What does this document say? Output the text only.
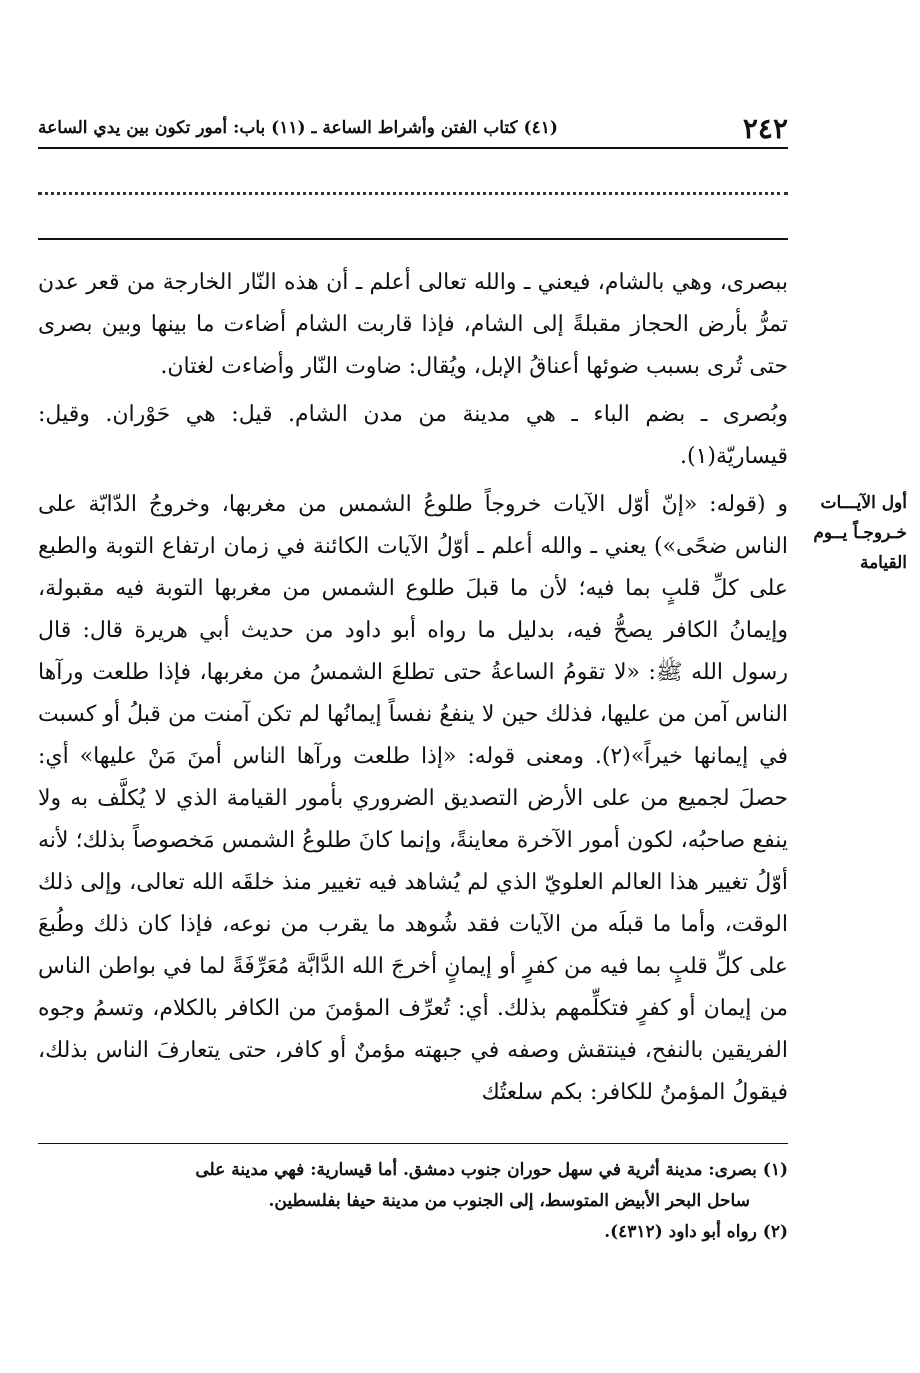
٢٤٢
(٤١) كتاب الفتن وأشراط الساعة ـ (١١) باب: أمور تكون بين يدي الساعة

ببصرى، وهي بالشام، فيعني ـ والله تعالى أعلم ـ أن هذه النّار الخارجة من قعر عدن تمرُّ بأرض الحجاز مقبلةً إلى الشام، فإذا قاربت الشام أضاءت ما بينها وبين بصرى حتى تُرى بسبب ضوئها أعناقُ الإبل، ويُقال: ضاوت النّار وأضاءت لغتان.

وبُصرى ـ بضم الباء ـ هي مدينة من مدن الشام. قيل: هي حَوْران. وقيل: قيساريّة(١).

و (قوله: «إنّ أوّل الآيات خروجاً طلوعُ الشمس من مغربها، وخروجُ الدّابّة على الناس ضحًى») يعني ـ والله أعلم ـ أوّلُ الآيات الكائنة في زمان ارتفاع التوبة والطبع على كلِّ قلبٍ بما فيه؛ لأن ما قبلَ طلوع الشمس من مغربها التوبة فيه مقبولة، وإيمانُ الكافر يصحُّ فيه، بدليل ما رواه أبو داود من حديث أبي هريرة قال: قال رسول الله ﷺ: «لا تقومُ الساعةُ حتى تطلعَ الشمسُ من مغربها، فإذا طلعت ورآها الناس آمن من عليها، فذلك حين لا ينفعُ نفساً إيمانُها لم تكن آمنت من قبلُ أو كسبت في إيمانها خيراً»(٢). ومعنى قوله: «إذا طلعت ورآها الناس أمنَ مَنْ عليها» أي: حصلَ لجميع من على الأرض التصديق الضروري بأمور القيامة الذي لا يُكلَّف به ولا ينفع صاحبُه، لكون أمور الآخرة معاينةً، وإنما كانَ طلوعُ الشمس مَخصوصاً بذلك؛ لأنه أوّلُ تغيير هذا العالم العلويّ الذي لم يُشاهد فيه تغيير منذ خلقَه الله تعالى، وإلى ذلك الوقت، وأما ما قبلَه من الآيات فقد شُوهد ما يقرب من نوعه، فإذا كان ذلك وطُبعَ على كلِّ قلبٍ بما فيه من كفرٍ أو إيمانٍ أخرجَ الله الدَّابَّة مُعَرِّفَةً لما في بواطن الناس من إيمان أو كفرٍ فتكلِّمهم بذلك. أي: تُعرِّف المؤمنَ من الكافر بالكلام، وتسمُ وجوه الفريقين بالنفح، فينتقش وصفه في جبهته مؤمنٌ أو كافر، حتى يتعارفَ الناس بذلك، فيقولُ المؤمنُ للكافر: بكم سلعتُك

أول الآيـــات
خـروجـاً يــوم
القيامة

(١) بصرى: مدينة أثرية في سهل حوران جنوب دمشق. أما قيسارية: فهي مدينة على

ساحل البحر الأبيض المتوسط، إلى الجنوب من مدينة حيفا بفلسطين.

(٢) رواه أبو داود (٤٣١٢).
